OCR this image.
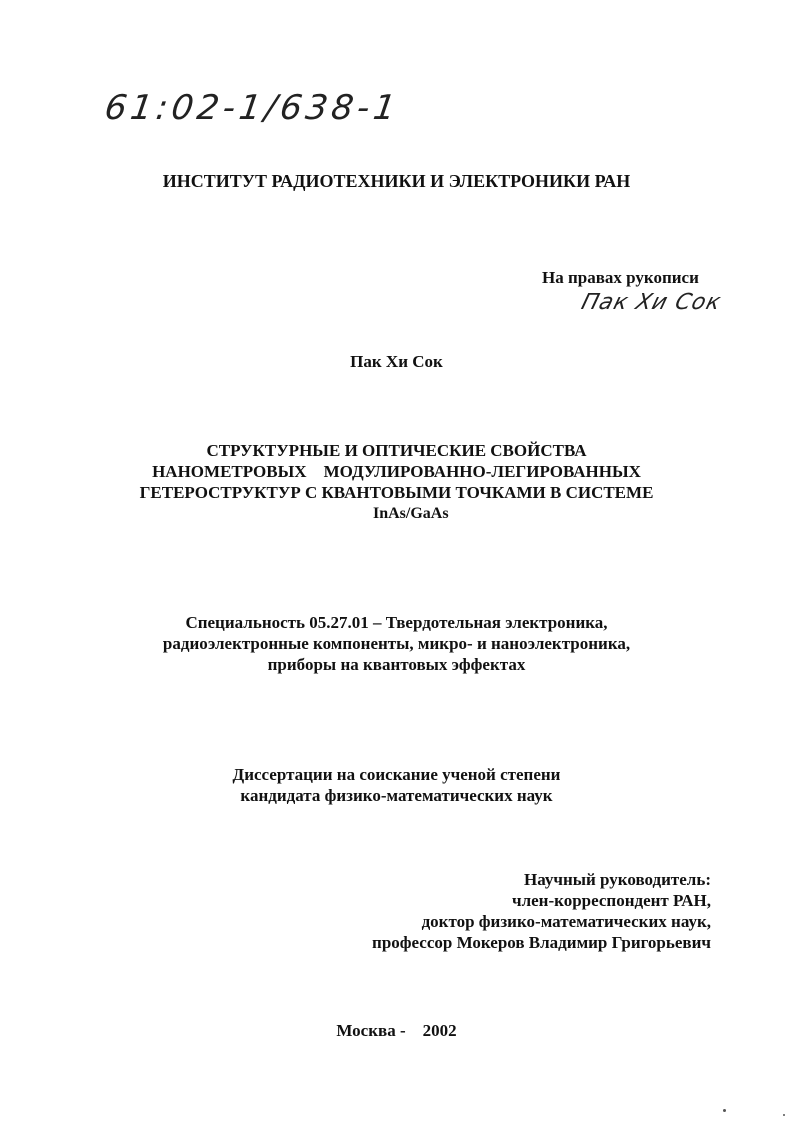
61:02-1/638-1
ИНСТИТУТ РАДИОТЕХНИКИ И ЭЛЕКТРОНИКИ РАН
На правах рукописи
Пак Хи Сок
Пак Хи Сок
СТРУКТУРНЫЕ И ОПТИЧЕСКИЕ СВОЙСТВА
НАНОМЕТРОВЫХ    МОДУЛИРОВАННО-ЛЕГИРОВАННЫХ
ГЕТЕРОСТРУКТУР С КВАНТОВЫМИ ТОЧКАМИ В СИСТЕМЕ
InAs/GaAs
Специальность 05.27.01 – Твердотельная электроника,
радиоэлектронные компоненты, микро- и наноэлектроника,
приборы на квантовых эффектах
Диссертации на соискание ученой степени
кандидата физико-математических наук
Научный руководитель:
член-корреспондент РАН,
доктор физико-математических наук,
профессор Мокеров Владимир Григорьевич
Москва -    2002
